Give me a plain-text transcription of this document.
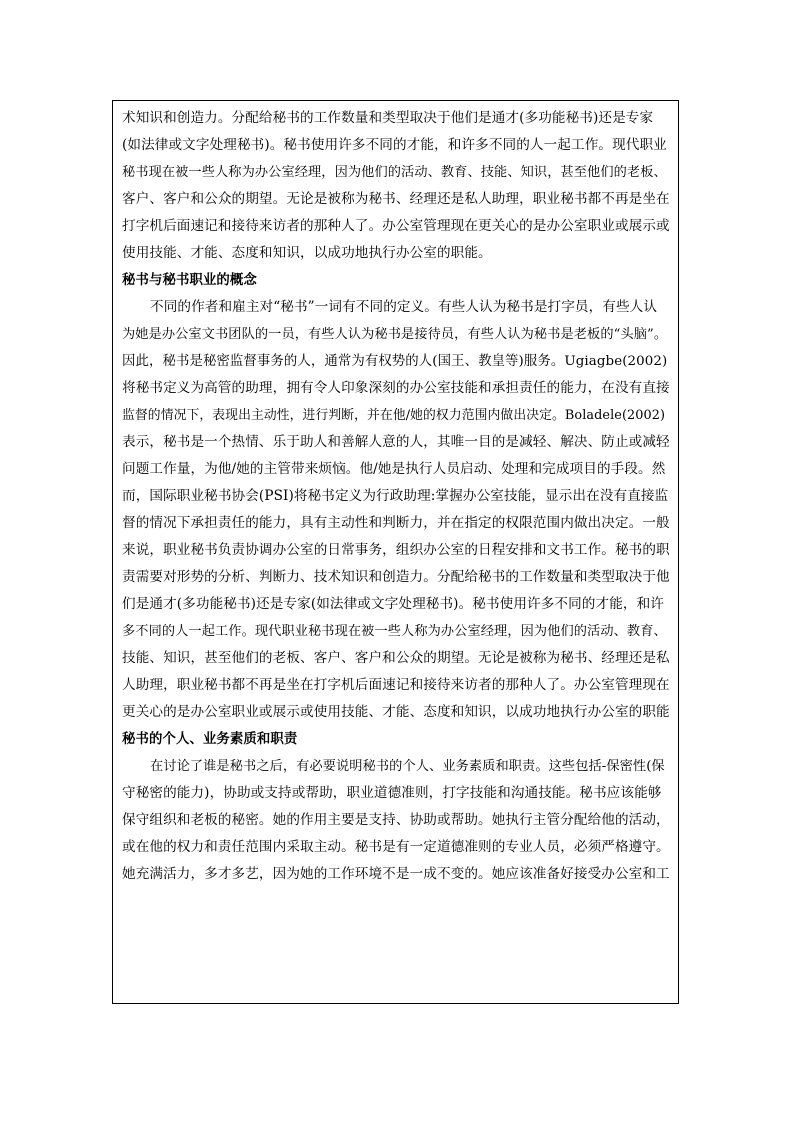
术知识和创造力。分配给秘书的工作数量和类型取决于他们是通才(多功能秘书)还是专家
(如法律或文字处理秘书)。秘书使用许多不同的才能，和许多不同的人一起工作。现代职业
秘书现在被一些人称为办公室经理，因为他们的活动、教育、技能、知识，甚至他们的老板、
客户、客户和公众的期望。无论是被称为秘书、经理还是私人助理，职业秘书都不再是坐在
打字机后面速记和接待来访者的那种人了。办公室管理现在更关心的是办公室职业或展示或
使用技能、才能、态度和知识，以成功地执行办公室的职能。
秘书与秘书职业的概念
不同的作者和雇主对“秘书”一词有不同的定义。有些人认为秘书是打字员，有些人认
为她是办公室文书团队的一员，有些人认为秘书是接待员，有些人认为秘书是老板的“头脑”。
因此，秘书是秘密监督事务的人，通常为有权势的人(国王、教皇等)服务。Ugiagbe(2002)
将秘书定义为高管的助理，拥有令人印象深刻的办公室技能和承担责任的能力，在没有直接
监督的情况下，表现出主动性，进行判断，并在他/她的权力范围内做出决定。Boladele(2002)
表示，秘书是一个热情、乐于助人和善解人意的人，其唯一目的是减轻、解决、防止或减轻
问题工作量，为他/她的主管带来烦恼。他/她是执行人员启动、处理和完成项目的手段。然
而，国际职业秘书协会(PSI)将秘书定义为行政助理:掌握办公室技能，显示出在没有直接监
督的情况下承担责任的能力，具有主动性和判断力，并在指定的权限范围内做出决定。一般
来说，职业秘书负责协调办公室的日常事务，组织办公室的日程安排和文书工作。秘书的职
责需要对形势的分析、判断力、技术知识和创造力。分配给秘书的工作数量和类型取决于他
们是通才(多功能秘书)还是专家(如法律或文字处理秘书)。秘书使用许多不同的才能，和许
多不同的人一起工作。现代职业秘书现在被一些人称为办公室经理，因为他们的活动、教育、
技能、知识，甚至他们的老板、客户、客户和公众的期望。无论是被称为秘书、经理还是私
人助理，职业秘书都不再是坐在打字机后面速记和接待来访者的那种人了。办公室管理现在
更关心的是办公室职业或展示或使用技能、才能、态度和知识，以成功地执行办公室的职能
秘书的个人、业务素质和职责
在讨论了谁是秘书之后，有必要说明秘书的个人、业务素质和职责。这些包括-保密性(保
守秘密的能力)，协助或支持或帮助，职业道德准则，打字技能和沟通技能。秘书应该能够
保守组织和老板的秘密。她的作用主要是支持、协助或帮助。她执行主管分配给他的活动，
或在他的权力和责任范围内采取主动。秘书是有一定道德准则的专业人员，必须严格遵守。
她充满活力，多才多艺，因为她的工作环境不是一成不变的。她应该准备好接受办公室和工
